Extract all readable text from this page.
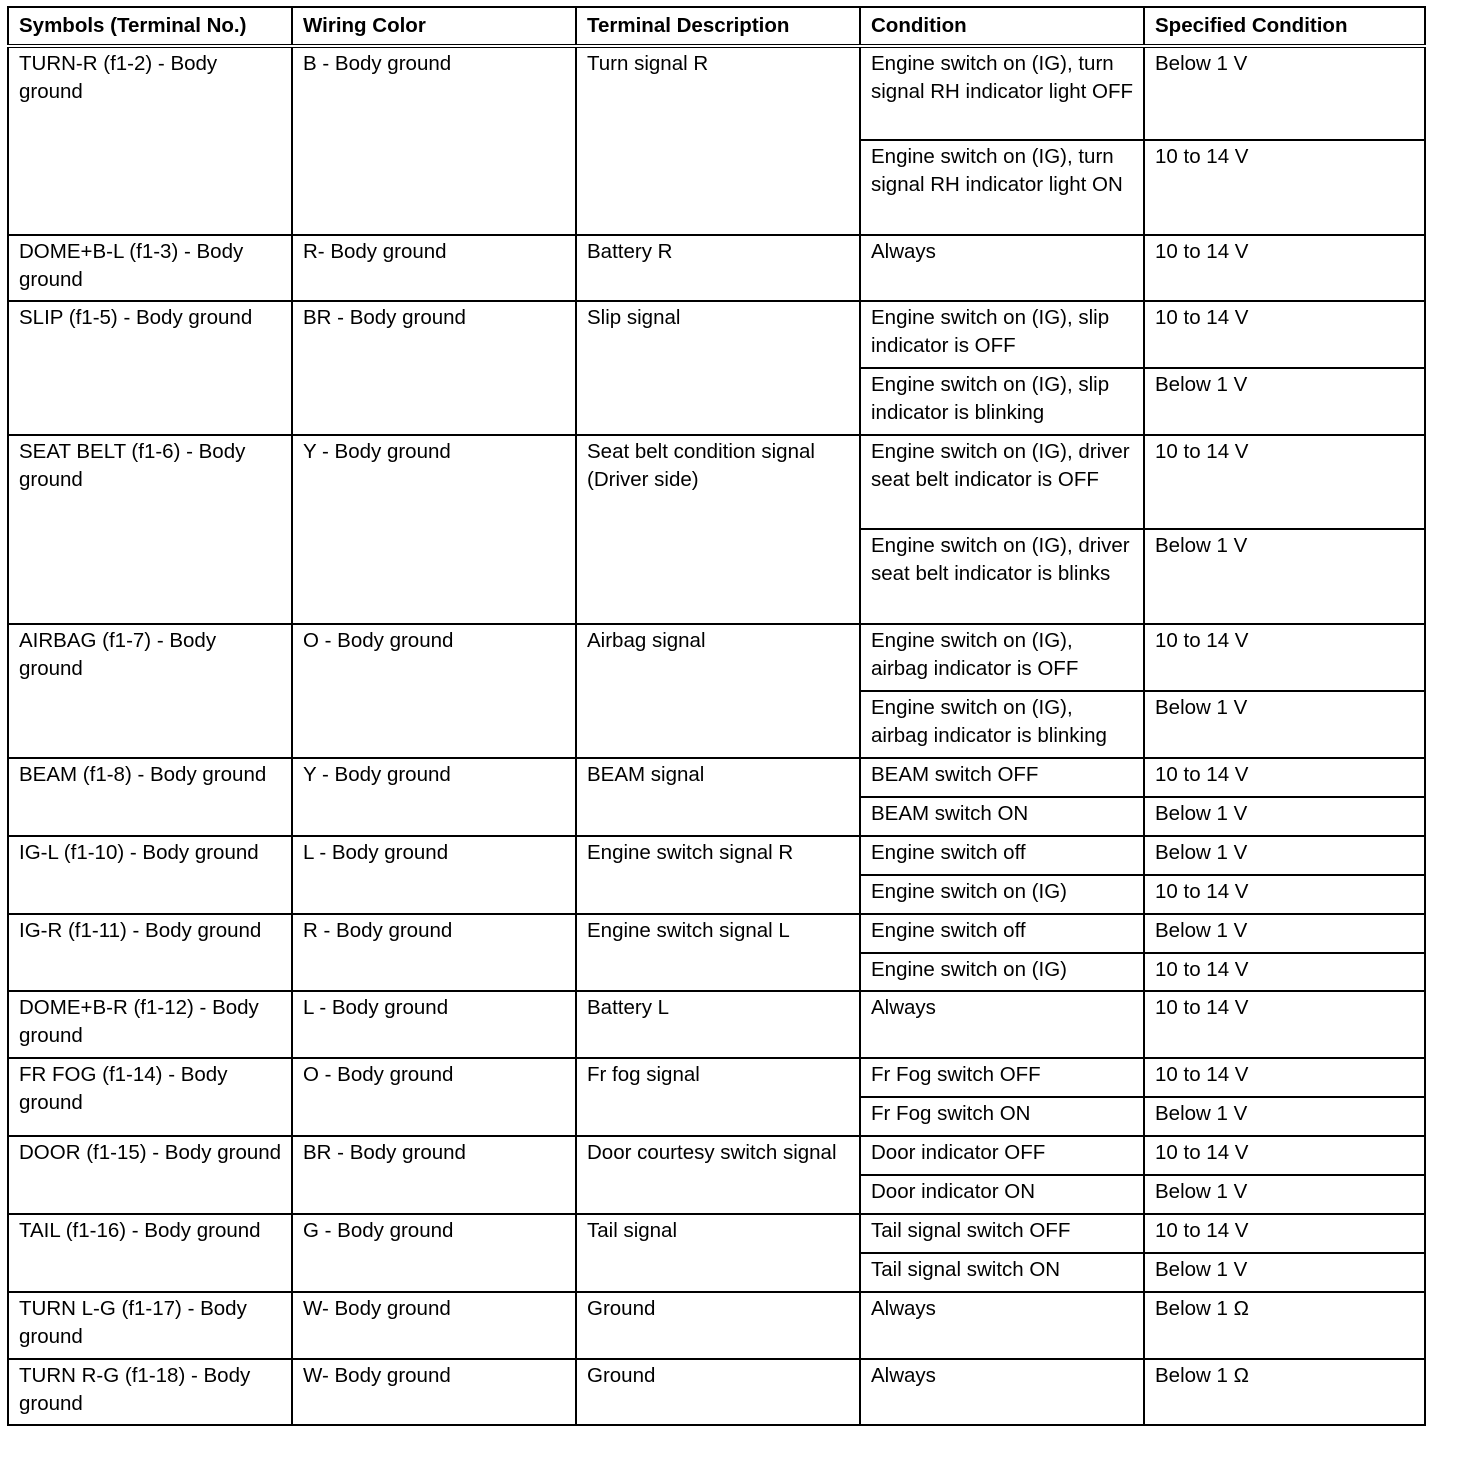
Symbols (Terminal No.)	Wiring Color	Terminal Description	Condition	Specified Condition
TURN-R (f1-2) - Body ground	B - Body ground	Turn signal R	Engine switch on (IG), turn signal RH indicator light OFF	Below 1 V
			Engine switch on (IG), turn signal RH indicator light ON	10 to 14 V
DOME+B-L (f1-3) - Body ground	R- Body ground	Battery R	Always	10 to 14 V
SLIP (f1-5) - Body ground	BR - Body ground	Slip signal	Engine switch on (IG), slip indicator is OFF	10 to 14 V
			Engine switch on (IG), slip indicator is blinking	Below 1 V
SEAT BELT (f1-6) - Body ground	Y - Body ground	Seat belt condition signal (Driver side)	Engine switch on (IG), driver seat belt indicator is OFF	10 to 14 V
			Engine switch on (IG), driver seat belt indicator is blinks	Below 1 V
AIRBAG (f1-7) - Body ground	O - Body ground	Airbag signal	Engine switch on (IG), airbag indicator is OFF	10 to 14 V
			Engine switch on (IG), airbag indicator is blinking	Below 1 V
BEAM (f1-8) - Body ground	Y - Body ground	BEAM signal	BEAM switch OFF	10 to 14 V
			BEAM switch ON	Below 1 V
IG-L (f1-10) - Body ground	L - Body ground	Engine switch signal R	Engine switch off	Below 1 V
			Engine switch on (IG)	10 to 14 V
IG-R (f1-11) - Body ground	R - Body ground	Engine switch signal L	Engine switch off	Below 1 V
			Engine switch on (IG)	10 to 14 V
DOME+B-R (f1-12) - Body ground	L - Body ground	Battery L	Always	10 to 14 V
FR FOG (f1-14) - Body ground	O - Body ground	Fr fog signal	Fr Fog switch OFF	10 to 14 V
			Fr Fog switch ON	Below 1 V
DOOR (f1-15) - Body ground	BR - Body ground	Door courtesy switch signal	Door indicator OFF	10 to 14 V
			Door indicator ON	Below 1 V
TAIL (f1-16) - Body ground	G - Body ground	Tail signal	Tail signal switch OFF	10 to 14 V
			Tail signal switch ON	Below 1 V
TURN L-G (f1-17) - Body ground	W- Body ground	Ground	Always	Below 1 Ω
TURN R-G (f1-18) - Body ground	W- Body ground	Ground	Always	Below 1 Ω
